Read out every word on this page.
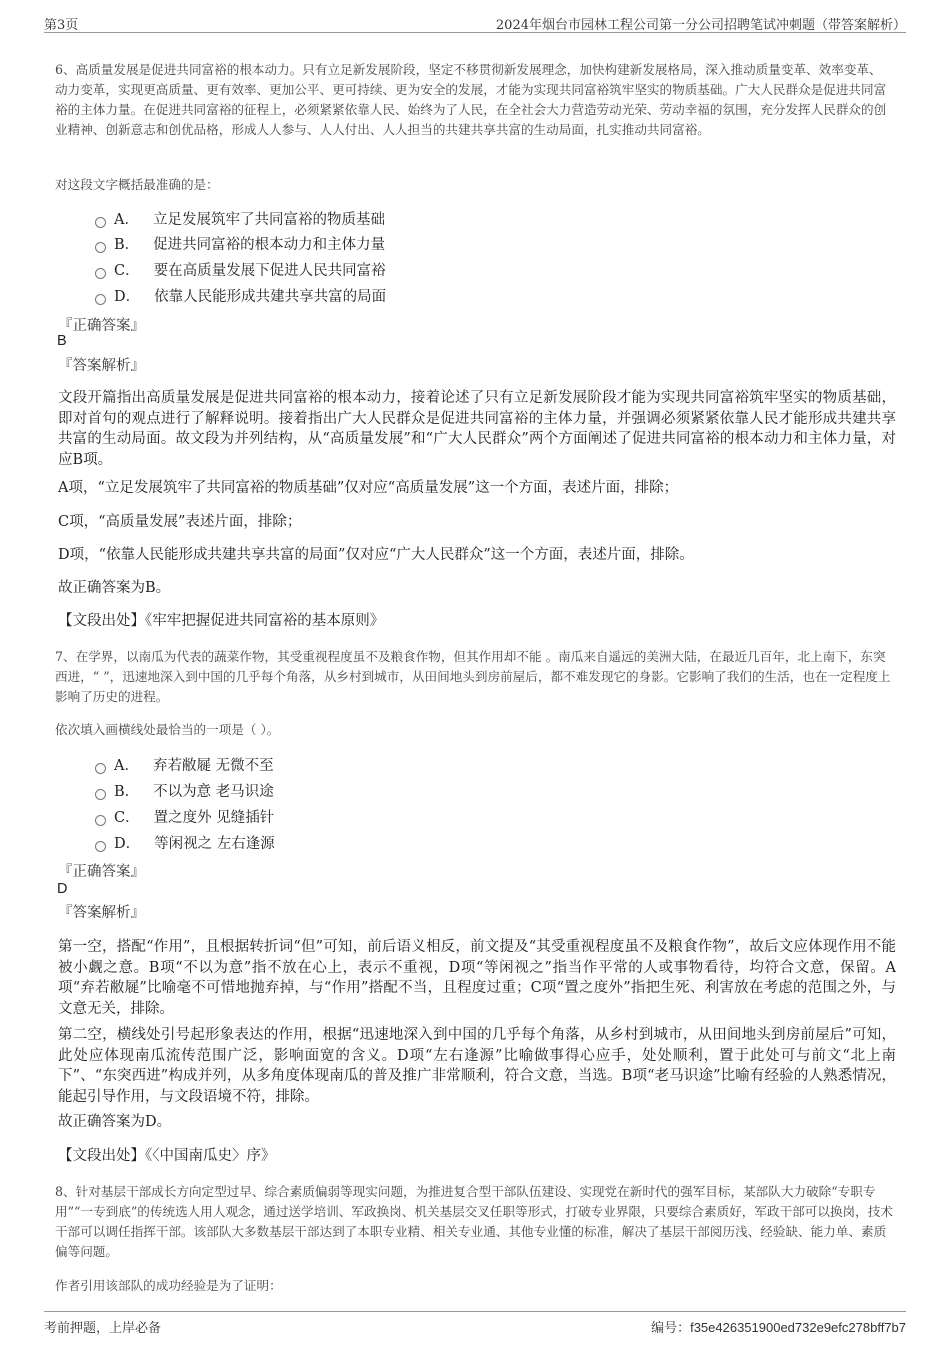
第3页	2024年烟台市园林工程公司第一分公司招聘笔试冲刺题（带答案解析）
6、高质量发展是促进共同富裕的根本动力。只有立足新发展阶段，坚定不移贯彻新发展理念，加快构建新发展格局，深入推动质量变革、效率变革、动力变革，实现更高质量、更有效率、更加公平、更可持续、更为安全的发展，才能为实现共同富裕筑牢坚实的物质基础。广大人民群众是促进共同富裕的主体力量。在促进共同富裕的征程上，必须紧紧依靠人民、始终为了人民，在全社会大力营造劳动光荣、劳动幸福的氛围，充分发挥人民群众的创业精神、创新意志和创优品格，形成人人参与、人人付出、人人担当的共建共享共富的生动局面，扎实推动共同富裕。
对这段文字概括最准确的是：
A． 立足发展筑牢了共同富裕的物质基础
B． 促进共同富裕的根本动力和主体力量
C． 要在高质量发展下促进人民共同富裕
D． 依靠人民能形成共建共享共富的局面
『正确答案』
B
『答案解析』
文段开篇指出高质量发展是促进共同富裕的根本动力，接着论述了只有立足新发展阶段才能为实现共同富裕筑牢坚实的物质基础，即对首句的观点进行了解释说明。接着指出广大人民群众是促进共同富裕的主体力量，并强调必须紧紧依靠人民才能形成共建共享共富的生动局面。故文段为并列结构，从“高质量发展”和“广大人民群众”两个方面阐述了促进共同富裕的根本动力和主体力量，对应B项。
A项，“立足发展筑牢了共同富裕的物质基础”仅对应“高质量发展”这一个方面，表述片面，排除；
C项，“高质量发展”表述片面，排除；
D项，“依靠人民能形成共建共享共富的局面”仅对应“广大人民群众”这一个方面，表述片面，排除。
故正确答案为B。
【文段出处】《牢牢把握促进共同富裕的基本原则》
7、在学界，以南瓜为代表的蔬菜作物，其受重视程度虽不及粮食作物，但其作用却不能 。南瓜来自遥远的美洲大陆，在最近几百年，北上南下，东突西进，“ ”，迅速地深入到中国的几乎每个角落，从乡村到城市，从田间地头到房前屋后，都不难发现它的身影。它影响了我们的生活，也在一定程度上影响了历史的进程。
依次填入画横线处最恰当的一项是（ ）。
A． 弃若敝屣 无微不至
B． 不以为意 老马识途
C． 置之度外 见缝插针
D． 等闲视之 左右逢源
『正确答案』
D
『答案解析』
第一空，搭配“作用”，且根据转折词“但”可知，前后语义相反，前文提及“其受重视程度虽不及粮食作物”，故后文应体现作用不能被小觑之意。B项“不以为意”指不放在心上，表示不重视，D项“等闲视之”指当作平常的人或事物看待，均符合文意，保留。A项“弃若敝屣”比喻毫不可惜地抛弃掉，与“作用”搭配不当，且程度过重；C项“置之度外”指把生死、利害放在考虑的范围之外，与文意无关，排除。
第二空，横线处引号起形象表达的作用，根据“迅速地深入到中国的几乎每个角落，从乡村到城市，从田间地头到房前屋后”可知，此处应体现南瓜流传范围广泛，影响面宽的含义。D项“左右逢源”比喻做事得心应手，处处顺利，置于此处可与前文“北上南下”、“东突西进”构成并列，从多角度体现南瓜的普及推广非常顺利，符合文意，当选。B项“老马识途”比喻有经验的人熟悉情况，能起引导作用，与文段语境不符，排除。
故正确答案为D。
【文段出处】《〈中国南瓜史〉序》
8、针对基层干部成长方向定型过早、综合素质偏弱等现实问题，为推进复合型干部队伍建设、实现党在新时代的强军目标，某部队大力破除“专职专用”“一专到底”的传统选人用人观念，通过送学培训、军政换岗、机关基层交叉任职等形式，打破专业界限，只要综合素质好，军政干部可以换岗，技术干部可以调任指挥干部。该部队大多数基层干部达到了本职专业精、相关专业通、其他专业懂的标准，解决了基层干部阅历浅、经验缺、能力单、素质偏等问题。
作者引用该部队的成功经验是为了证明：
考前押题，上岸必备	编号：f35e426351900ed732e9efc278bff7b7
